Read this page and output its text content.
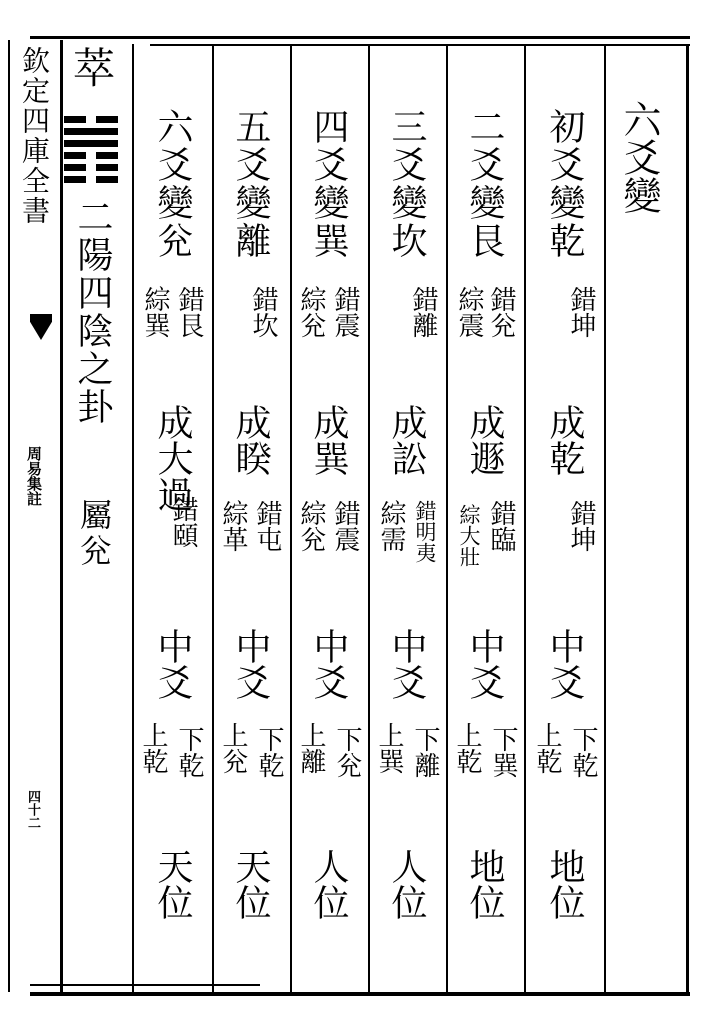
欽定四庫全書
周易集註
四十二
萃
二陽四陰之卦
屬兊
六爻變
初爻變乾
錯坤
成乾
錯坤
中爻
下乾
上乾
地位
二爻變艮
錯兊
綜震
成遯
錯臨
綜大壯
中爻
下巽
上乾
地位
三爻變坎
錯離
成訟
錯明夷
綜需
中爻
下離
上巽
人位
四爻變巽
錯震
綜兊
成巽
錯震
綜兊
中爻
下兊
上離
人位
五爻變離
錯坎
成睽
錯屯
綜革
中爻
下乾
上兊
天位
六爻變兊
錯艮
綜巽
成大過
錯頤
中爻
下乾
上乾
天位
